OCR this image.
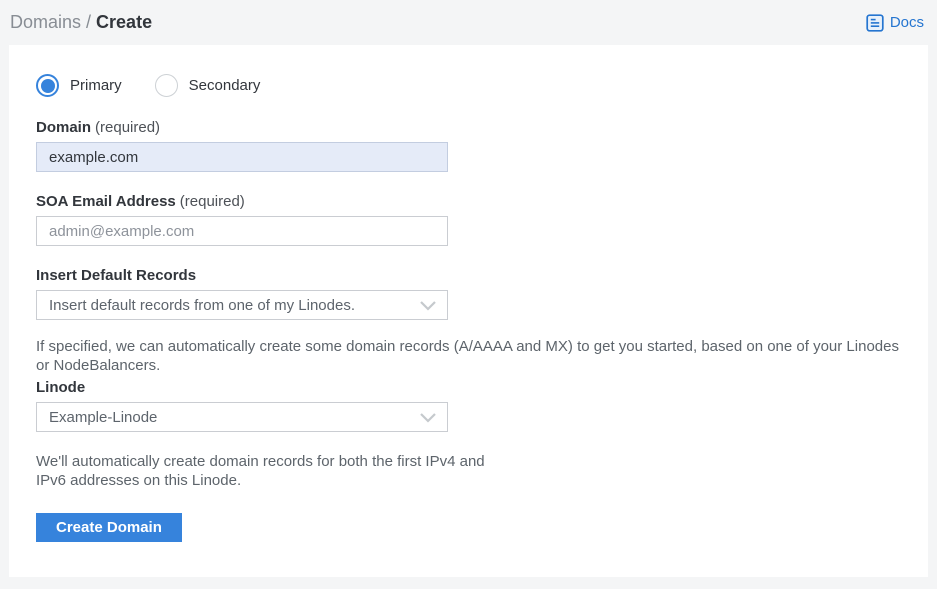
Domains / Create	Docs
Primary	Secondary
Domain (required)
example.com
SOA Email Address (required)
admin@example.com
Insert Default Records
Insert default records from one of my Linodes.

If specified, we can automatically create some domain records (A/AAAA and MX) to get you started, based on one of your Linodes or NodeBalancers.

Linode
Example-Linode

We'll automatically create domain records for both the first IPv4 and IPv6 addresses on this Linode.

Create Domain
